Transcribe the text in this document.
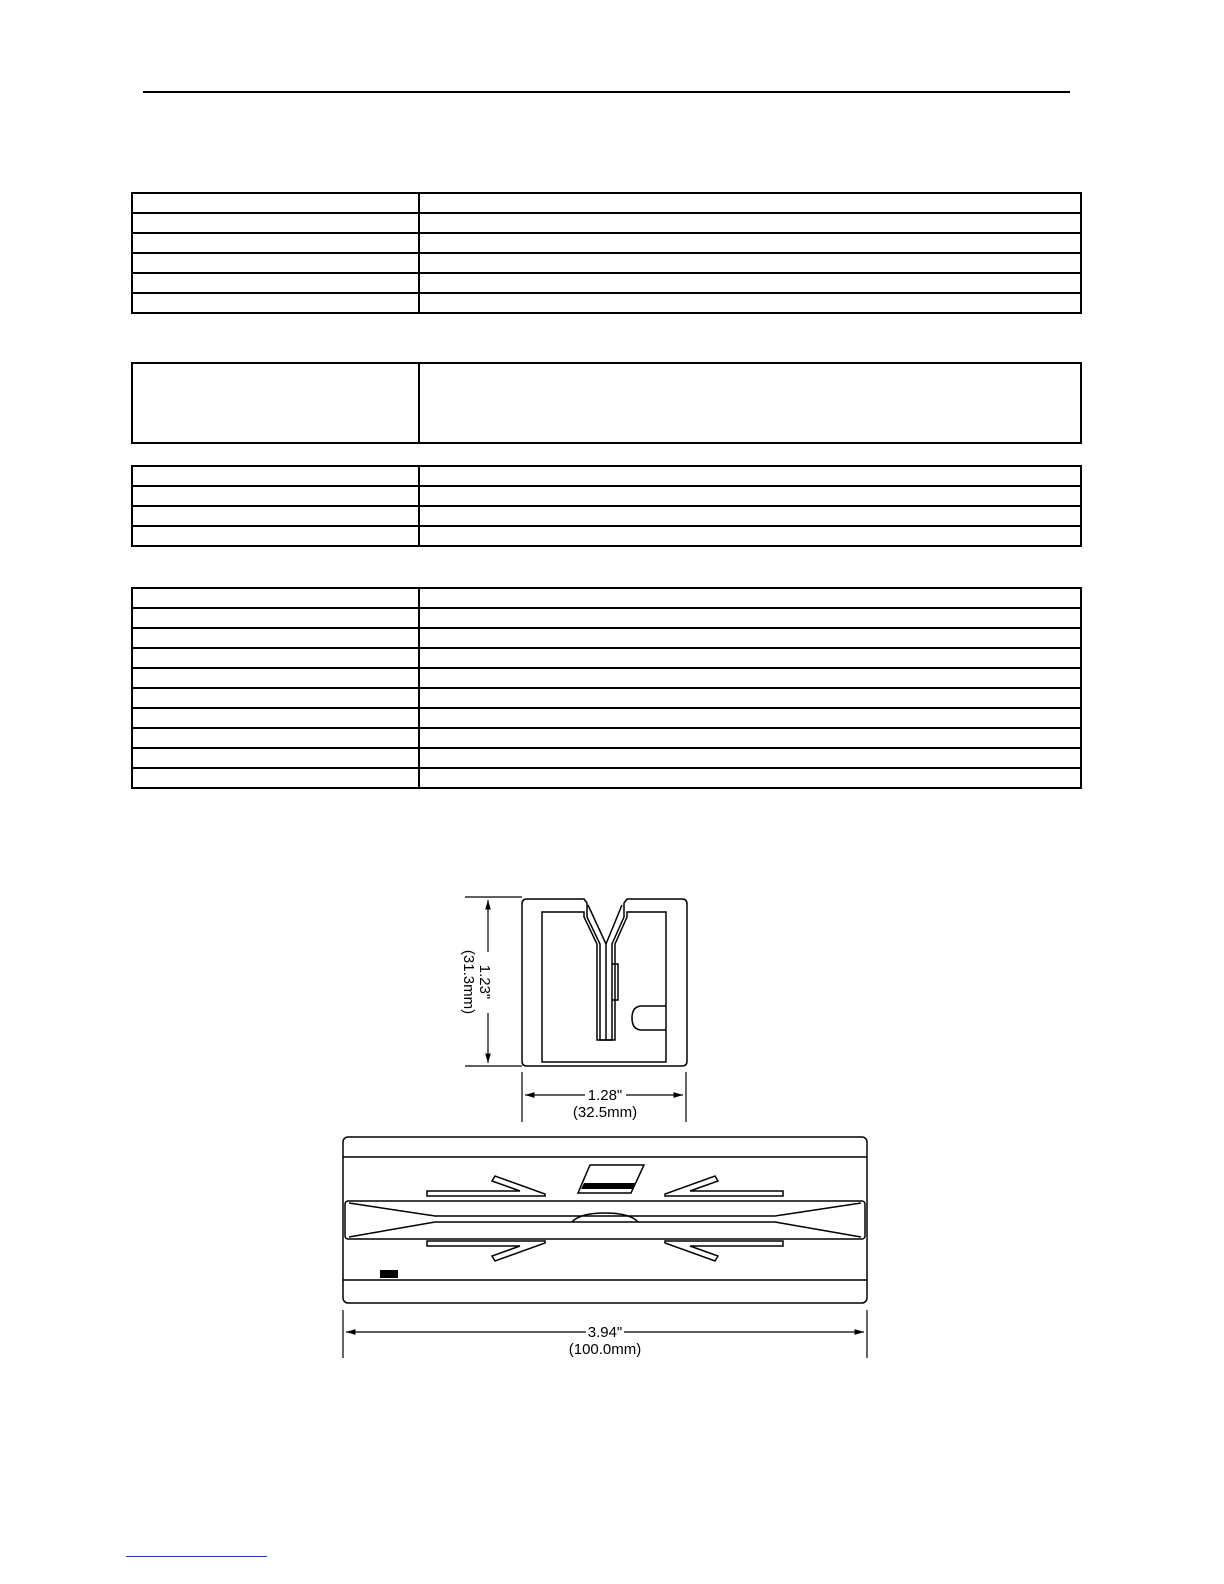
1.23"
(31.3mm)
1.28"
(32.5mm)
3.94"
(100.0mm)
